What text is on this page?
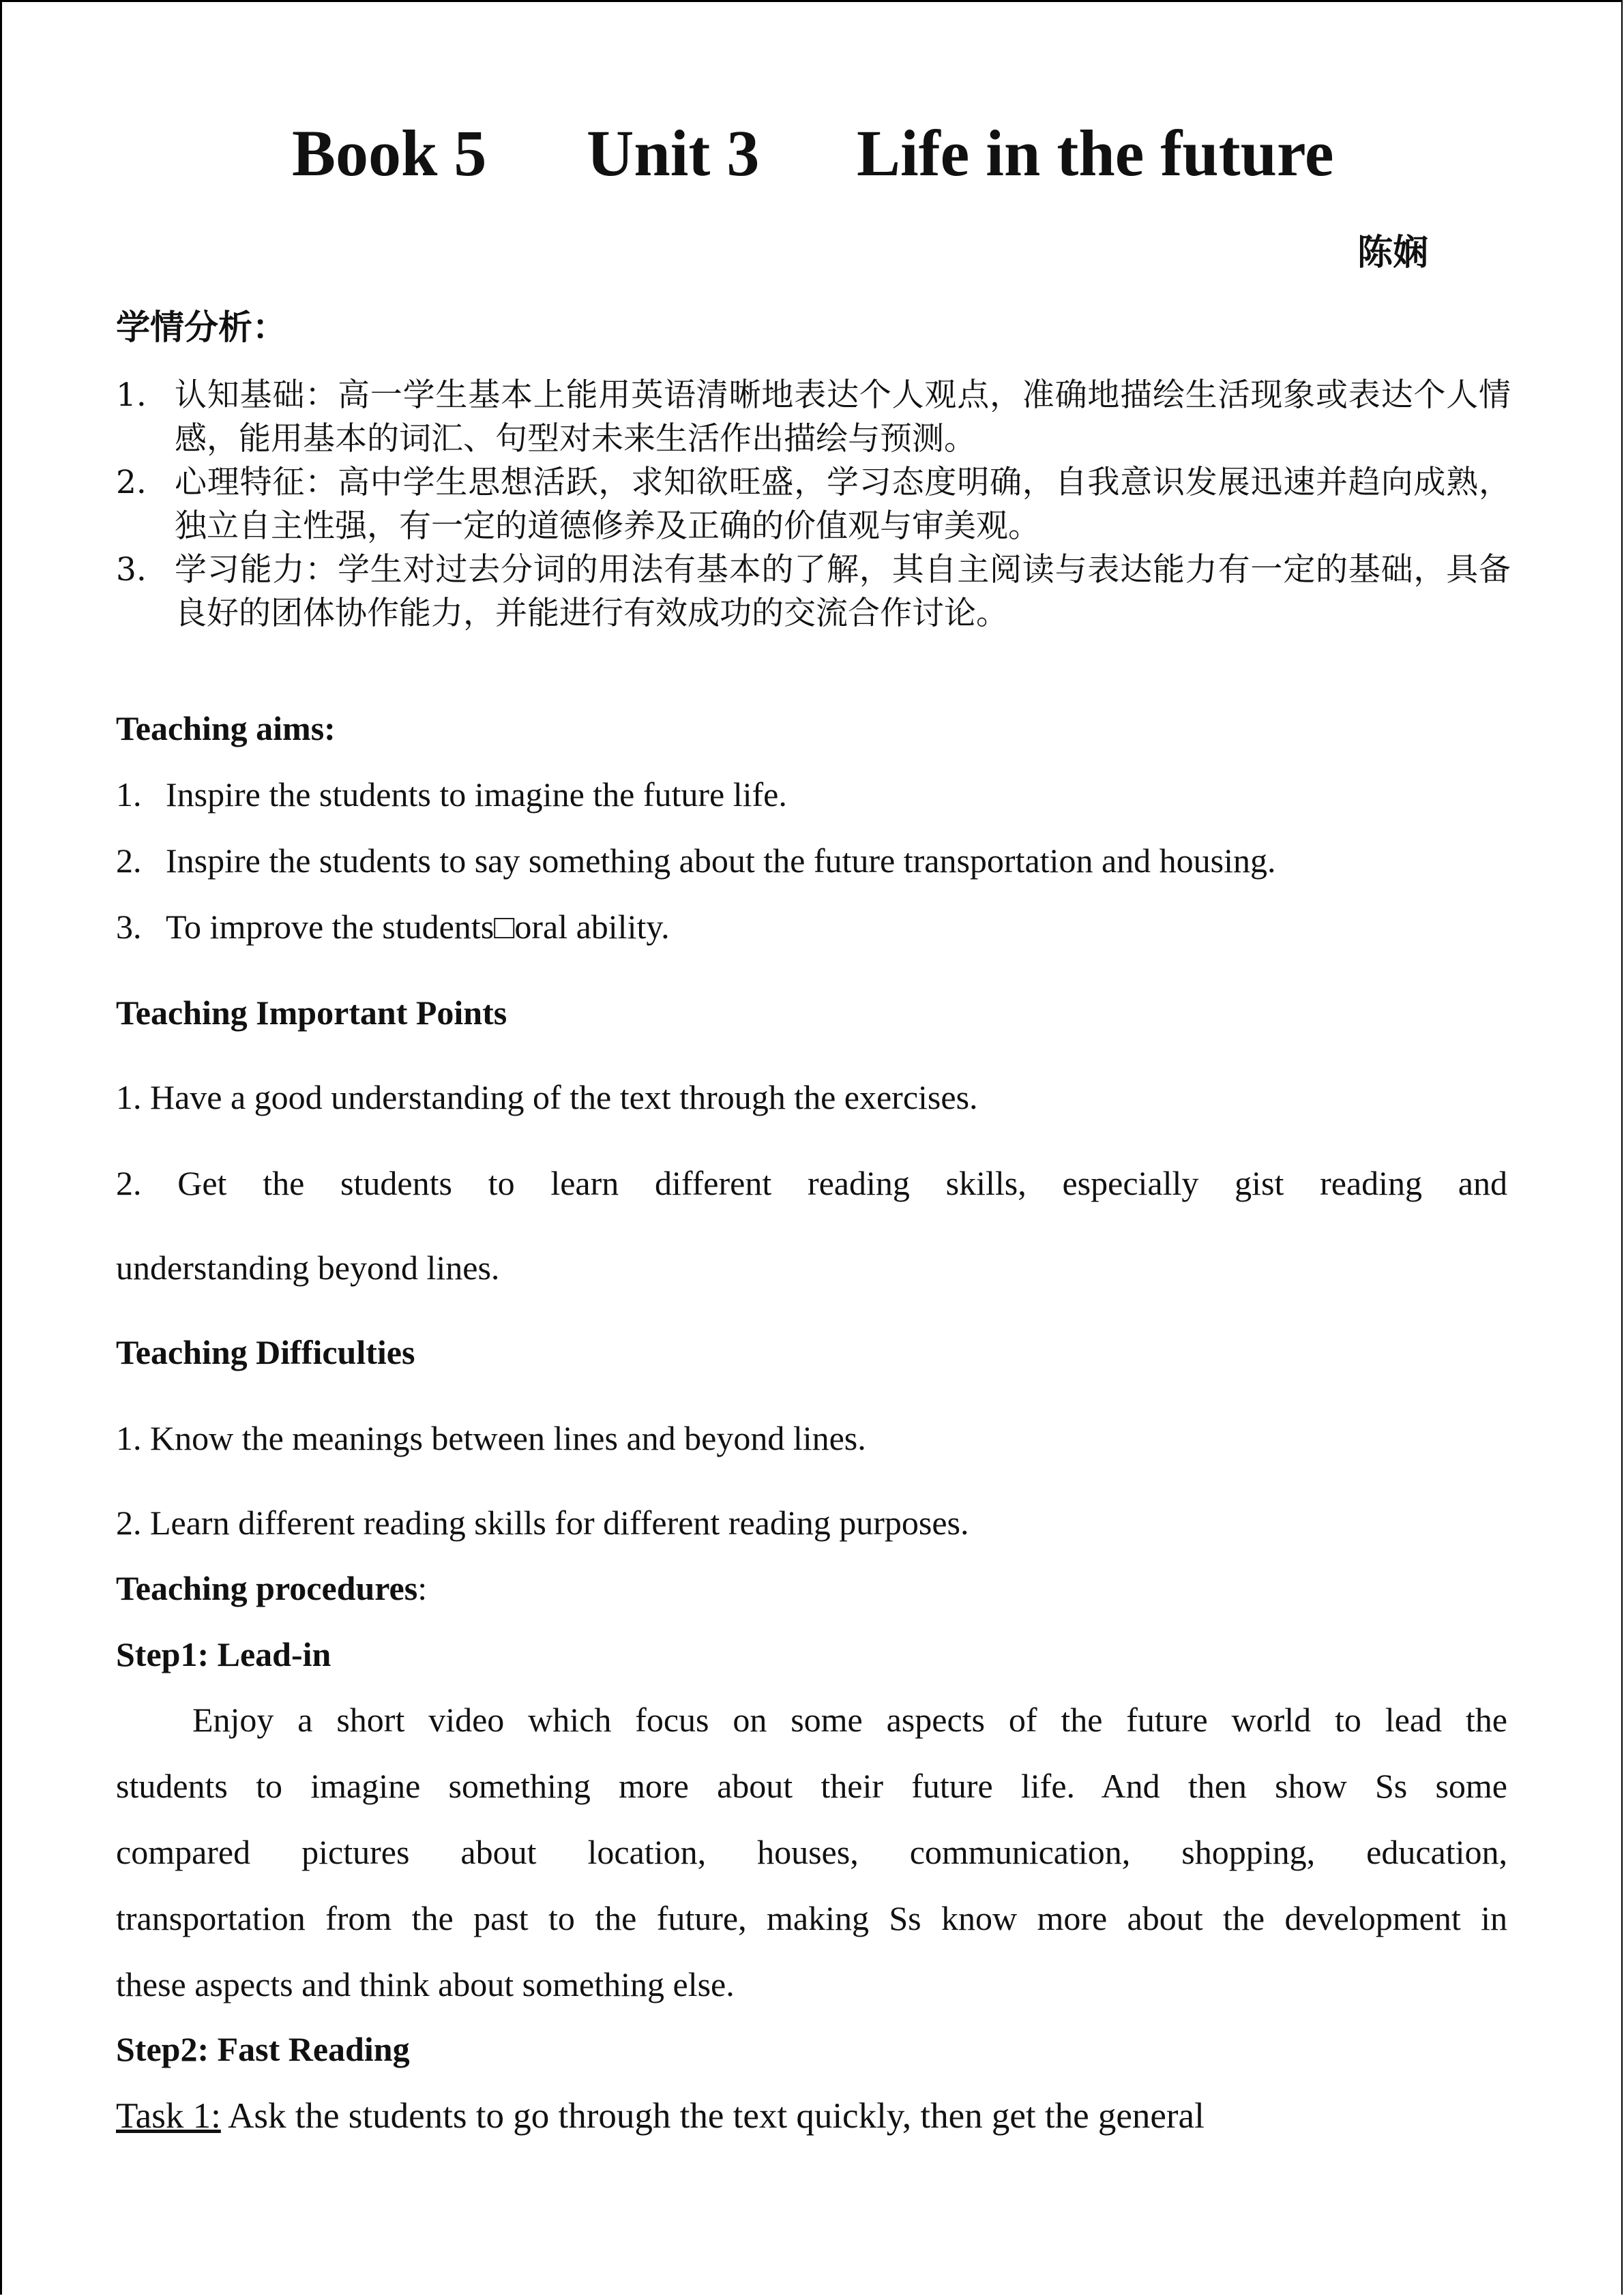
Book 5 Unit 3 Life in the future
陈娴
学情分析：
1. 认知基础：高一学生基本上能用英语清晰地表达个人观点，准确地描绘生活现象或表达个人情感，能用基本的词汇、句型对未来生活作出描绘与预测。
2. 心理特征：高中学生思想活跃，求知欲旺盛，学习态度明确，自我意识发展迅速并趋向成熟，独立自主性强，有一定的道德修养及正确的价值观与审美观。
3. 学习能力：学生对过去分词的用法有基本的了解，其自主阅读与表达能力有一定的基础，具备良好的团体协作能力，并能进行有效成功的交流合作讨论。
Teaching aims:
1. Inspire the students to imagine the future life.
2. Inspire the students to say something about the future transportation and housing.
3. To improve the students□oral ability.
Teaching Important Points
1. Have a good understanding of the text through the exercises.
2. Get the students to learn different reading skills, especially gist reading and
understanding beyond lines.
Teaching Difficulties
1. Know the meanings between lines and beyond lines.
2. Learn different reading skills for different reading purposes.
Teaching procedures:
Step1: Lead-in
Enjoy a short video which focus on some aspects of the future world to lead the
students to imagine something more about their future life. And then show Ss some
compared pictures about location, houses, communication, shopping, education,
transportation from the past to the future, making Ss know more about the development in
these aspects and think about something else.
Step2: Fast Reading
Task 1: Ask the students to go through the text quickly, then get the general
